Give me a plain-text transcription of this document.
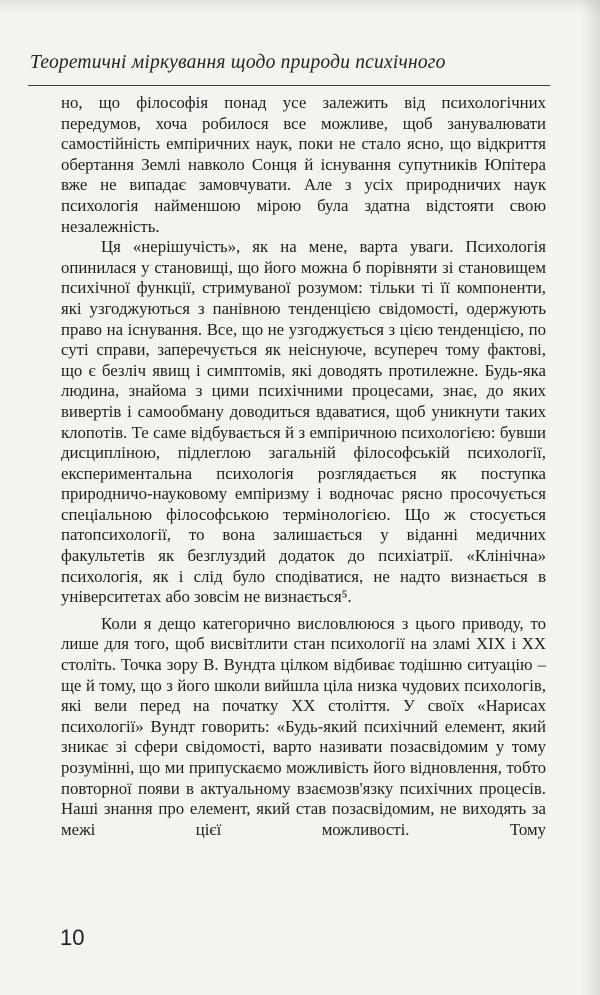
Теоретичні міркування щодо природи психічного

но, що філософія понад усе залежить від психологічних передумов, хоча робилося все можливе, щоб занувалювати самостійність емпіричних наук, поки не стало ясно, що відкриття обертання Землі навколо Сонця й існування супутників Юпітера вже не випадає замовчувати. Але з усіх природничих наук психологія найменшою мірою була здатна відстояти свою незалежність.

Ця «нерішучість», як на мене, варта уваги. Психологія опинилася у становищі, що його можна б порівняти зі становищем психічної функції, стримуваної розумом: тільки ті її компоненти, які узгоджуються з панівною тенденцією свідомості, одержують право на існування. Все, що не узгоджується з цією тенденцією, по суті справи, заперечується як неіснуюче, всупереч тому фактові, що є безліч явищ і симптомів, які доводять протилежне. Будь-яка людина, знайома з цими психічними процесами, знає, до яких вивертів і самообману доводиться вдаватися, щоб уникнути таких клопотів. Те саме відбувається й з емпіричною психологією: бувши дисципліною, підлеглою загальній філософській психології, експериментальна психологія розглядається як поступка природничо-науковому емпіризму і водночас рясно просочується спеціальною філософською термінологією. Що ж стосується патопсихології, то вона залишається у віданні медичних факультетів як безглуздий додаток до психіатрії. «Клінічна» психологія, як і слід було сподіватися, не надто визнається в університетах або зовсім не визнається⁵.

Коли я дещо категорично висловлююся з цього приводу, то лише для того, щоб висвітлити стан психології на зламі XIX і XX століть. Точка зору В. Вундта цілком відбиває тодішню ситуацію – ще й тому, що з його школи вийшла ціла низка чудових психологів, які вели перед на початку XX століття. У своїх «Нарисах психології» Вундт говорить: «Будь-який психічний елемент, який зникає зі сфери свідомості, варто називати позасвідомим у тому розумінні, що ми припускаємо можливість його відновлення, тобто повторної появи в актуальному взаємозв'язку психічних процесів. Наші знання про елемент, який став позасвідомим, не виходять за межі цієї можливості. Тому

10
